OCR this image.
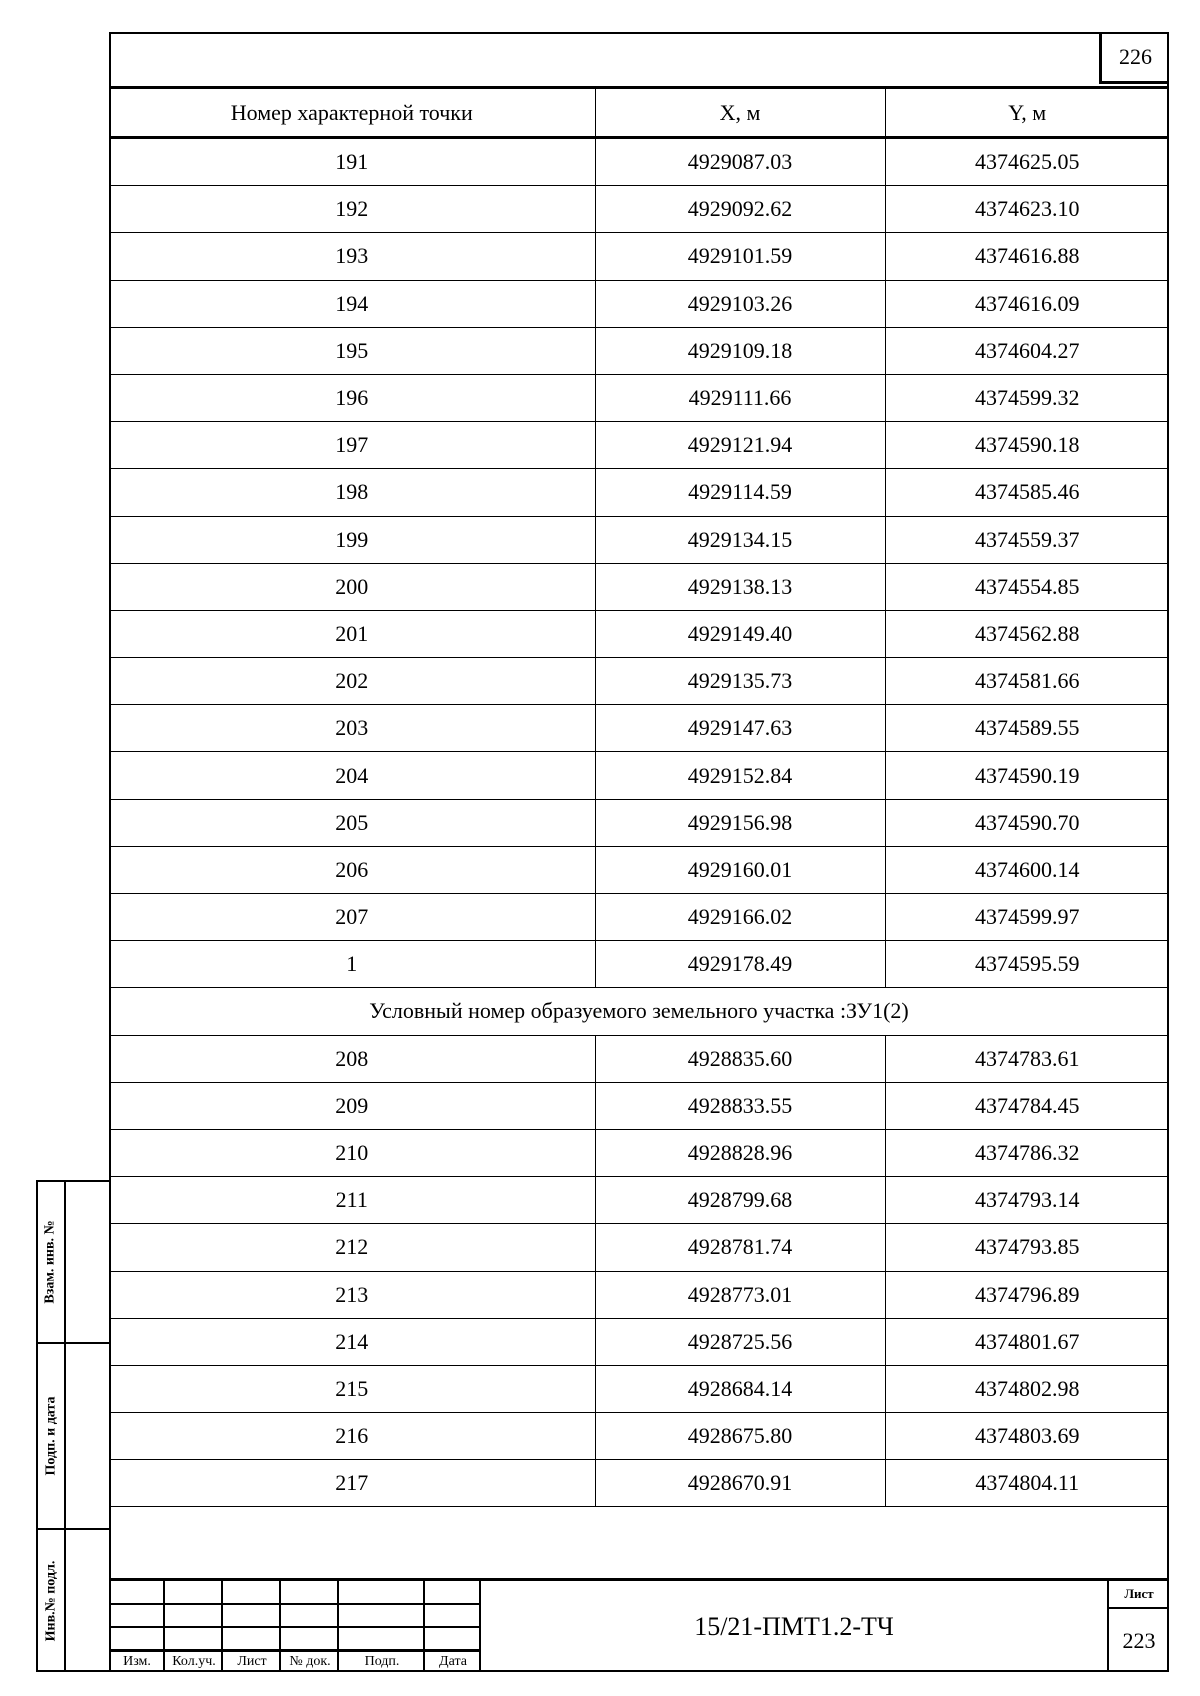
226
Номер характерной точки	X, м	Y, м
191	4929087.03	4374625.05
192	4929092.62	4374623.10
193	4929101.59	4374616.88
194	4929103.26	4374616.09
195	4929109.18	4374604.27
196	4929111.66	4374599.32
197	4929121.94	4374590.18
198	4929114.59	4374585.46
199	4929134.15	4374559.37
200	4929138.13	4374554.85
201	4929149.40	4374562.88
202	4929135.73	4374581.66
203	4929147.63	4374589.55
204	4929152.84	4374590.19
205	4929156.98	4374590.70
206	4929160.01	4374600.14
207	4929166.02	4374599.97
1	4929178.49	4374595.59
Условный номер образуемого земельного участка :ЗУ1(2)		
208	4928835.60	4374783.61
209	4928833.55	4374784.45
210	4928828.96	4374786.32
211	4928799.68	4374793.14
212	4928781.74	4374793.85
213	4928773.01	4374796.89
214	4928725.56	4374801.67
215	4928684.14	4374802.98
216	4928675.80	4374803.69
217	4928670.91	4374804.11
Взам. инв. №
Подп. и дата
Инв.№ подл.
Изм.	Кол.уч.	Лист	№ док.	Подп.	Дата
15/21-ПМТ1.2-ТЧ
Лист
223
